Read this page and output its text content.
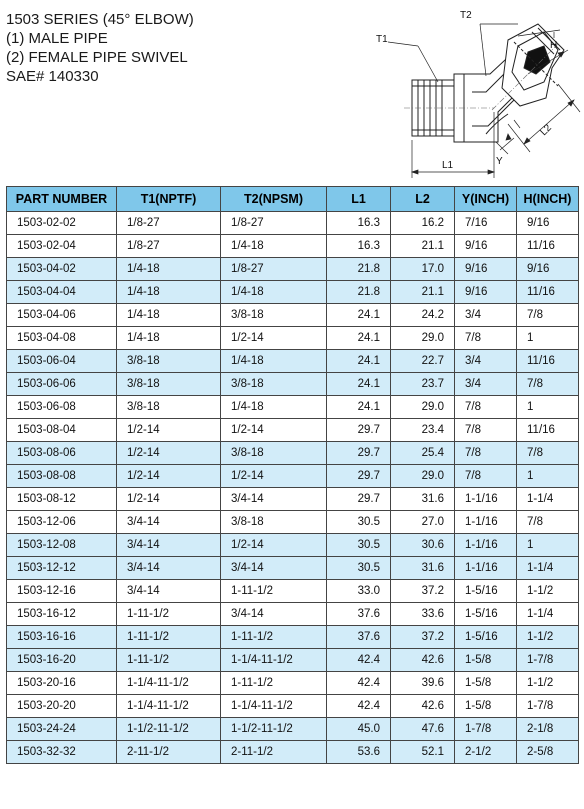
1503 SERIES (45° ELBOW)
(1) MALE PIPE
(2) FEMALE PIPE SWIVEL
SAE# 140330
T2
T1
H
L2
Y
L1
PART NUMBER	T1(NPTF)	T2(NPSM)	L1	L2	Y(INCH)	H(INCH)
1503-02-02	1/8-27	1/8-27	16.3	16.2	7/16	9/16
1503-02-04	1/8-27	1/4-18	16.3	21.1	9/16	11/16
1503-04-02	1/4-18	1/8-27	21.8	17.0	9/16	9/16
1503-04-04	1/4-18	1/4-18	21.8	21.1	9/16	11/16
1503-04-06	1/4-18	3/8-18	24.1	24.2	3/4	7/8
1503-04-08	1/4-18	1/2-14	24.1	29.0	7/8	1
1503-06-04	3/8-18	1/4-18	24.1	22.7	3/4	11/16
1503-06-06	3/8-18	3/8-18	24.1	23.7	3/4	7/8
1503-06-08	3/8-18	1/4-18	24.1	29.0	7/8	1
1503-08-04	1/2-14	1/2-14	29.7	23.4	7/8	11/16
1503-08-06	1/2-14	3/8-18	29.7	25.4	7/8	7/8
1503-08-08	1/2-14	1/2-14	29.7	29.0	7/8	1
1503-08-12	1/2-14	3/4-14	29.7	31.6	1-1/16	1-1/4
1503-12-06	3/4-14	3/8-18	30.5	27.0	1-1/16	7/8
1503-12-08	3/4-14	1/2-14	30.5	30.6	1-1/16	1
1503-12-12	3/4-14	3/4-14	30.5	31.6	1-1/16	1-1/4
1503-12-16	3/4-14	1-11-1/2	33.0	37.2	1-5/16	1-1/2
1503-16-12	1-11-1/2	3/4-14	37.6	33.6	1-5/16	1-1/4
1503-16-16	1-11-1/2	1-11-1/2	37.6	37.2	1-5/16	1-1/2
1503-16-20	1-11-1/2	1-1/4-11-1/2	42.4	42.6	1-5/8	1-7/8
1503-20-16	1-1/4-11-1/2	1-11-1/2	42.4	39.6	1-5/8	1-1/2
1503-20-20	1-1/4-11-1/2	1-1/4-11-1/2	42.4	42.6	1-5/8	1-7/8
1503-24-24	1-1/2-11-1/2	1-1/2-11-1/2	45.0	47.6	1-7/8	2-1/8
1503-32-32	2-11-1/2	2-11-1/2	53.6	52.1	2-1/2	2-5/8
